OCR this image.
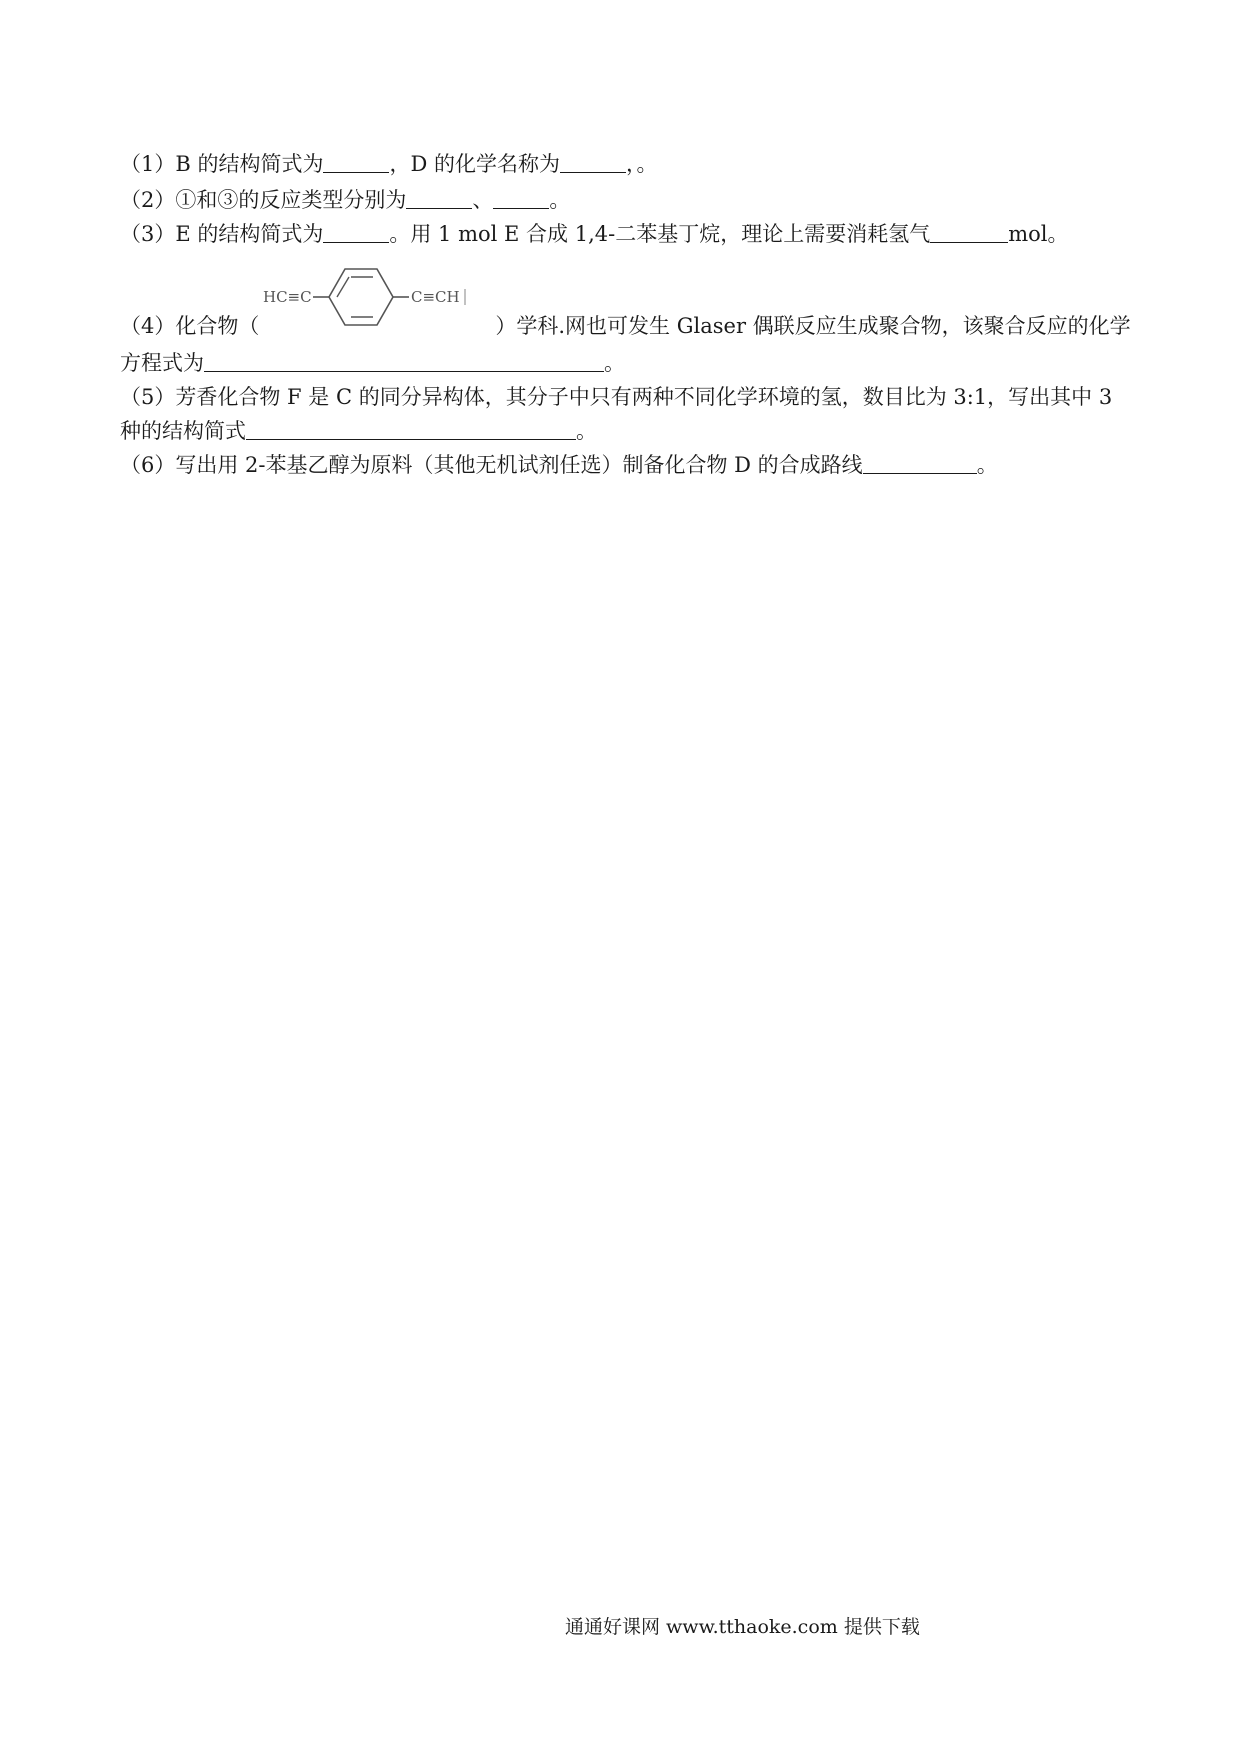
（1）B 的结构简式为	，D 的化学名称为	，。
（2）①和③的反应类型分别为	、	。
（3）E 的结构简式为	。用 1 mol E 合成 1,4-二苯基丁烷，理论上需要消耗氢气	mol。
（4）化合物（
HC≡C	C≡CH
）学科.网也可发生 Glaser 偶联反应生成聚合物，该聚合反应的化学
方程式为	。
（5）芳香化合物 F 是 C 的同分异构体，其分子中只有两种不同化学环境的氢，数目比为 3:1，写出其中 3
种的结构简式	。
（6）写出用 2-苯基乙醇为原料（其他无机试剂任选）制备化合物 D 的合成路线	。
通通好课网 www.tthaoke.com 提供下载
